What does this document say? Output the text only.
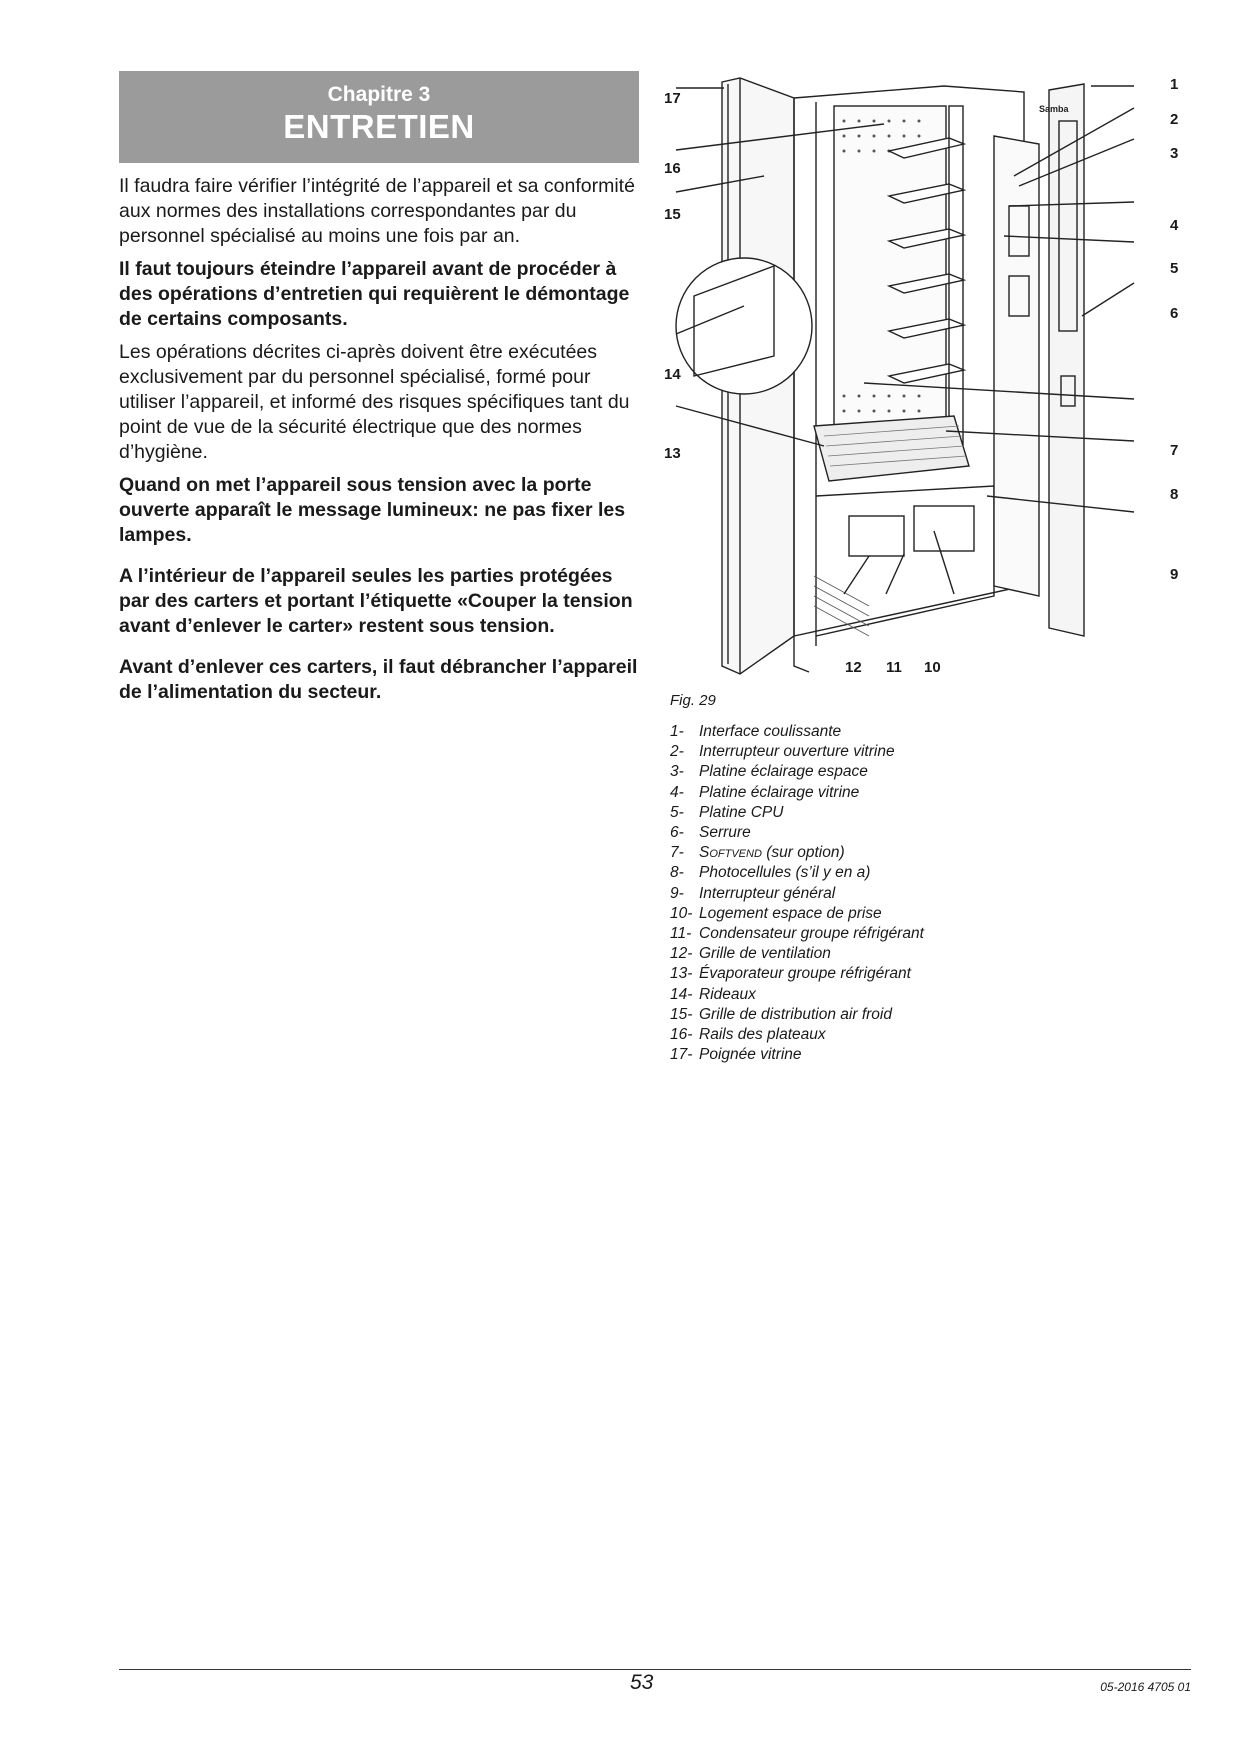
Chapitre 3
ENTRETIEN

Il faudra faire vérifier l’intégrité de l’appareil et sa conformité aux normes des installations correspondantes par du personnel spécialisé au moins une fois par an.

Il faut toujours éteindre l’appareil avant de procéder à des opérations d’entretien qui requièrent le démontage de certains composants.

Les opérations décrites ci-après doivent être exécutées exclusivement par du personnel spécialisé, formé pour utiliser l’appareil, et informé des risques spécifiques tant du point de vue de la sécurité électrique que des normes d’hygiène.

Quand on met l’appareil sous tension avec la porte ouverte apparaît le message lumineux: ne pas fixer les lampes.

A l’intérieur de l’appareil seules les parties protégées par des carters et portant l’étiquette «Couper la tension avant d’enlever le carter» restent sous tension.

Avant d’enlever ces carters, il faut débrancher l’appareil de l’alimentation du secteur.

Samba
1
2
3
4
5
6
7
8
9
10
11
12
13
14
15
16
17
Fig. 29
1- Interface coulissante
2- Interrupteur ouverture vitrine
3- Platine éclairage espace
4- Platine éclairage vitrine
5- Platine CPU
6- Serrure
7- Softvend (sur option)
8- Photocellules (s’il y en a)
9- Interrupteur général
10- Logement espace de prise
11- Condensateur groupe réfrigérant
12- Grille de ventilation
13- Évaporateur groupe réfrigérant
14- Rideaux
15- Grille de distribution air froid
16- Rails des plateaux
17- Poignée vitrine
53	05-2016 4705 01
